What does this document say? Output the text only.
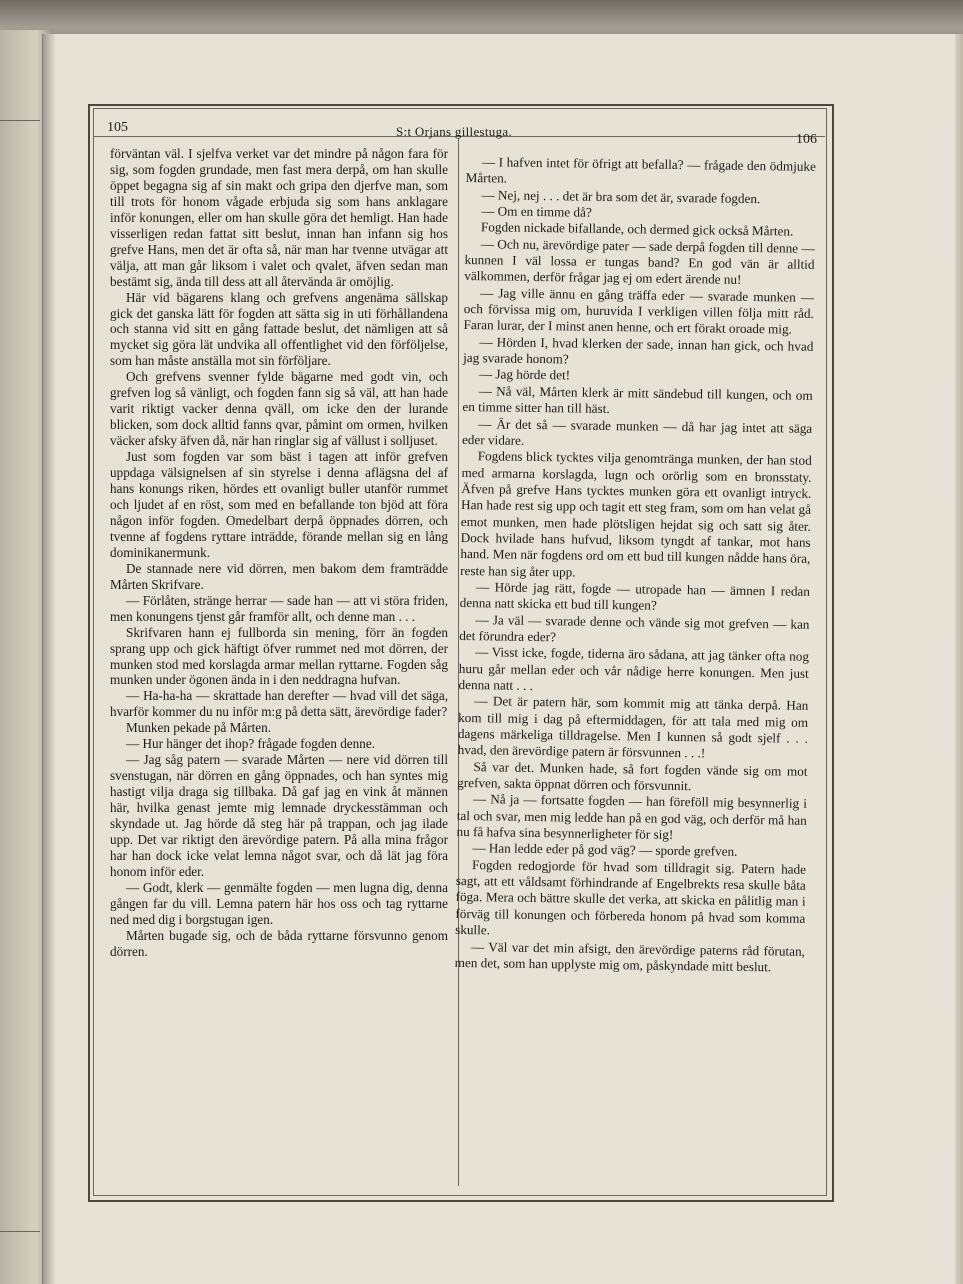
105	S:t Orjans gillestuga.
106

förväntan väl. I sjelfva verket var det mindre på någon fara för sig, som fogden grundade, men fast mera derpå, om han skulle öppet begagna sig af sin makt och gripa den djerfve man, som till trots för honom vågade erbjuda sig som hans anklagare inför konungen, eller om han skulle göra det hemligt. Han hade visserligen redan fattat sitt beslut, innan han infann sig hos grefve Hans, men det är ofta så, när man har tvenne utvägar att välja, att man går liksom i valet och qvalet, äfven sedan man bestämt sig, ända till dess att all återvända är omöjlig.

Här vid bägarens klang och grefvens angenäma sällskap gick det ganska lätt för fogden att sätta sig in uti förhållandena och stanna vid sitt en gång fattade beslut, det nämligen att så mycket sig göra lät undvika all offentlighet vid den förföljelse, som han måste anställa mot sin förföljare.

Och grefvens svenner fylde bägarne med godt vin, och grefven log så vänligt, och fogden fann sig så väl, att han hade varit riktigt vacker denna qväll, om icke den der lurande blicken, som dock alltid fanns qvar, påmint om ormen, hvilken väcker afsky äfven då, när han ringlar sig af vällust i solljuset.

Just som fogden var som bäst i tagen att inför grefven uppdaga välsignelsen af sin styrelse i denna aflägsna del af hans konungs riken, hördes ett ovanligt buller utanför rummet och ljudet af en röst, som med en befallande ton bjöd att föra någon inför fogden. Omedelbart derpå öppnades dörren, och tvenne af fogdens ryttare inträdde, förande mellan sig en lång dominikanermunk.

De stannade nere vid dörren, men bakom dem framträdde Mårten Skrifvare.

— Förlåten, stränge herrar — sade han — att vi störa friden, men konungens tjenst går framför allt, och denne man . . .

Skrifvaren hann ej fullborda sin mening, förr än fogden sprang upp och gick häftigt öfver rummet ned mot dörren, der munken stod med korslagda armar mellan ryttarne. Fogden såg munken under ögonen ända in i den neddragna hufvan.

— Ha-ha-ha — skrattade han derefter — hvad vill det säga, hvarför kommer du nu inför m:g på detta sätt, ärevördige fader?

Munken pekade på Mårten.

— Hur hänger det ihop? frågade fogden denne.

— Jag såg patern — svarade Mårten — nere vid dörren till svenstugan, när dörren en gång öppnades, och han syntes mig hastigt vilja draga sig tillbaka. Då gaf jag en vink åt männen här, hvilka genast jemte mig lemnade dryckesstämman och skyndade ut. Jag hörde då steg här på trappan, och jag ilade upp. Det var riktigt den ärevördige patern. På alla mina frågor har han dock icke velat lemna något svar, och då lät jag föra honom inför eder.

— Godt, klerk — genmälte fogden — men lugna dig, denna gången far du vill. Lemna patern här hos oss och tag ryttarne ned med dig i borgstugan igen.

Mårten bugade sig, och de båda ryttarne försvunno genom dörren.

— I hafven intet för öfrigt att befalla? — frågade den ödmjuke Mårten.

— Nej, nej . . . det är bra som det är, svarade fogden.

— Om en timme då?

Fogden nickade bifallande, och dermed gick också Mårten.

— Och nu, ärevördige pater — sade derpå fogden till denne — kunnen I väl lossa er tungas band? En god vän är alltid välkommen, derför frågar jag ej om edert ärende nu!

— Jag ville ännu en gång träffa eder — svarade munken — och förvissa mig om, huruvida I verkligen villen följa mitt råd. Faran lurar, der I minst anen henne, och ert förakt oroade mig.

— Hörden I, hvad klerken der sade, innan han gick, och hvad jag svarade honom?

— Jag hörde det!

— Nå väl, Mårten klerk är mitt sändebud till kungen, och om en timme sitter han till häst.

— Är det så — svarade munken — då har jag intet att säga eder vidare.

Fogdens blick tycktes vilja genomtränga munken, der han stod med armarna korslagda, lugn och orörlig som en bronsstaty. Äfven på grefve Hans tycktes munken göra ett ovanligt intryck. Han hade rest sig upp och tagit ett steg fram, som om han velat gå emot munken, men hade plötsligen hejdat sig och satt sig åter. Dock hvilade hans hufvud, liksom tyngdt af tankar, mot hans hand. Men när fogdens ord om ett bud till kungen nådde hans öra, reste han sig åter upp.

— Hörde jag rätt, fogde — utropade han — ämnen I redan denna natt skicka ett bud till kungen?

— Ja väl — svarade denne och vände sig mot grefven — kan det förundra eder?

— Visst icke, fogde, tiderna äro sådana, att jag tänker ofta nog huru går mellan eder och vår nådige herre konungen. Men just denna natt . . .

— Det är patern här, som kommit mig att tänka derpå. Han kom till mig i dag på eftermiddagen, för att tala med mig om dagens märkeliga tilldragelse. Men I kunnen så godt sjelf . . . hvad, den ärevördige patern är försvunnen . . .!

Så var det. Munken hade, så fort fogden vände sig om mot grefven, sakta öppnat dörren och försvunnit.

— Nå ja — fortsatte fogden — han föreföll mig besynnerlig i tal och svar, men mig ledde han på en god väg, och derför må han nu få hafva sina besynnerligheter för sig!

— Han ledde eder på god väg? — sporde grefven.

Fogden redogjorde för hvad som tilldragit sig. Patern hade sagt, att ett våldsamt förhindrande af Engelbrekts resa skulle båta föga. Mera och bättre skulle det verka, att skicka en pålitlig man i förväg till konungen och förbereda honom på hvad som komma skulle.

— Väl var det min afsigt, den ärevördige paterns råd förutan, men det, som han upplyste mig om, påskyndade mitt beslut.
